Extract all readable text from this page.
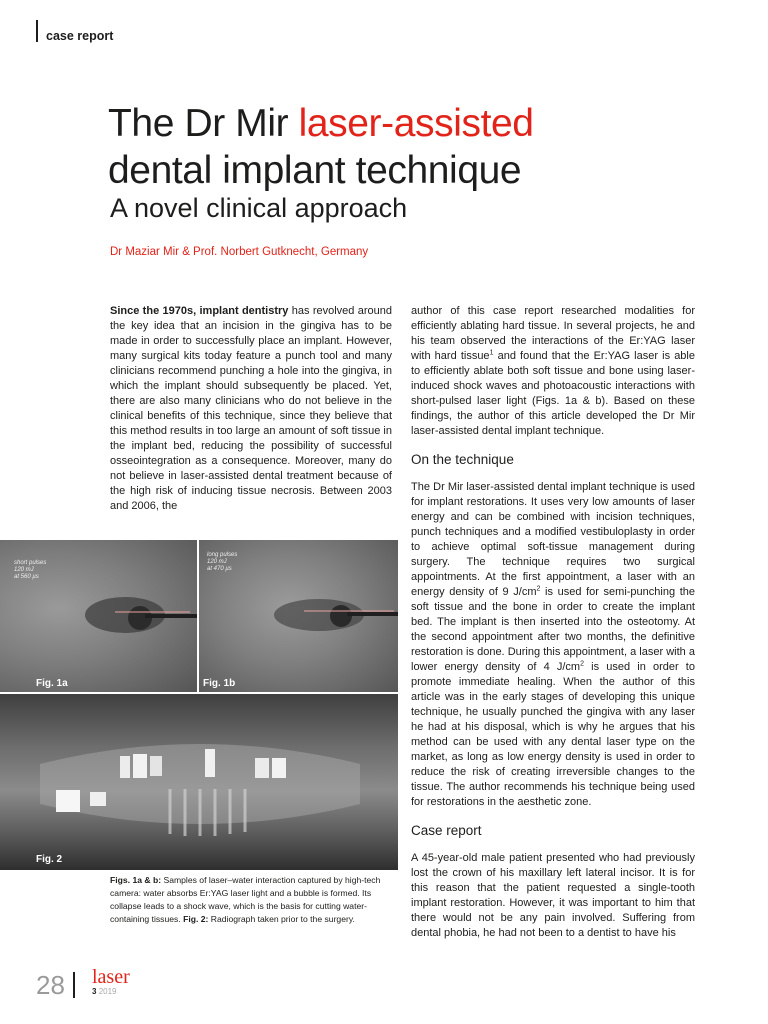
case report
The Dr Mir laser-assisted
dental implant technique
A novel clinical approach
Dr Maziar Mir & Prof. Norbert Gutknecht, Germany

Since the 1970s, implant dentistry has revolved around the key idea that an incision in the gingiva has to be made in order to successfully place an implant. However, many surgical kits today feature a punch tool and many clinicians recommend punching a hole into the gingiva, in which the implant should subsequently be placed. Yet, there are also many clinicians who do not believe in the clinical benefits of this technique, since they believe that this method results in too large an amount of soft tissue in the implant bed, reducing the possibility of successful osseointegration as a consequence. Moreover, many do not believe in laser-assisted dental treatment because of the high risk of inducing tissue necrosis. Between 2003 and 2006, the

author of this case report researched modalities for efficiently ablating hard tissue. In several projects, he and his team observed the interactions of the Er:YAG laser with hard tissue$^1$ and found that the Er:YAG laser is able to efficiently ablate both soft tissue and bone using laser-induced shock waves and photoacoustic interactions with short-pulsed laser light (Figs. 1a & b). Based on these findings, the author of this article developed the Dr Mir laser-assisted dental implant technique.

On the technique

The Dr Mir laser-assisted dental implant technique is used for implant restorations. It uses very low amounts of laser energy and can be combined with incision techniques, punch techniques and a modified vestibuloplasty in order to achieve optimal soft-tissue management during surgery. The technique requires two surgical appointments. At the first appointment, a laser with an energy density of 9 $J/cm^2$ is used for semi-punching the soft tissue and the bone in order to create the implant bed. The implant is then inserted into the osteotomy. At the second appointment after two months, the definitive restoration is done. During this appointment, a laser with a lower energy density of 4 $J/cm^2$ is used in order to promote immediate healing. When the author of this article was in the early stages of developing this unique technique, he usually punched the gingiva with any laser he had at his disposal, which is why he argues that his method can be used with any dental laser type on the market, as long as low energy density is used in order to reduce the risk of creating irreversible changes to the tissue. The author recommends his technique being used for restorations in the aesthetic zone.

Case report

A 45-year-old male patient presented who had previously lost the crown of his maxillary left lateral incisor. It is for this reason that the patient requested a single-tooth implant restoration. However, it was important to him that there would not be any pain involved. Suffering from dental phobia, he had not been to a dentist to have his

short pulses
120 mJ
at 560 µs
Fig. 1a
long pulses
120 mJ
at 470 µs
Fig. 1b
Fig. 2
Figs. 1a & b: Samples of laser–water interaction captured by high-tech camera: water absorbs Er:YAG laser light and a bubble is formed. Its collapse leads to a shock wave, which is the basis for cutting water-containing tissues. Fig. 2: Radiograph taken prior to the surgery.
28 laser
3 2019
